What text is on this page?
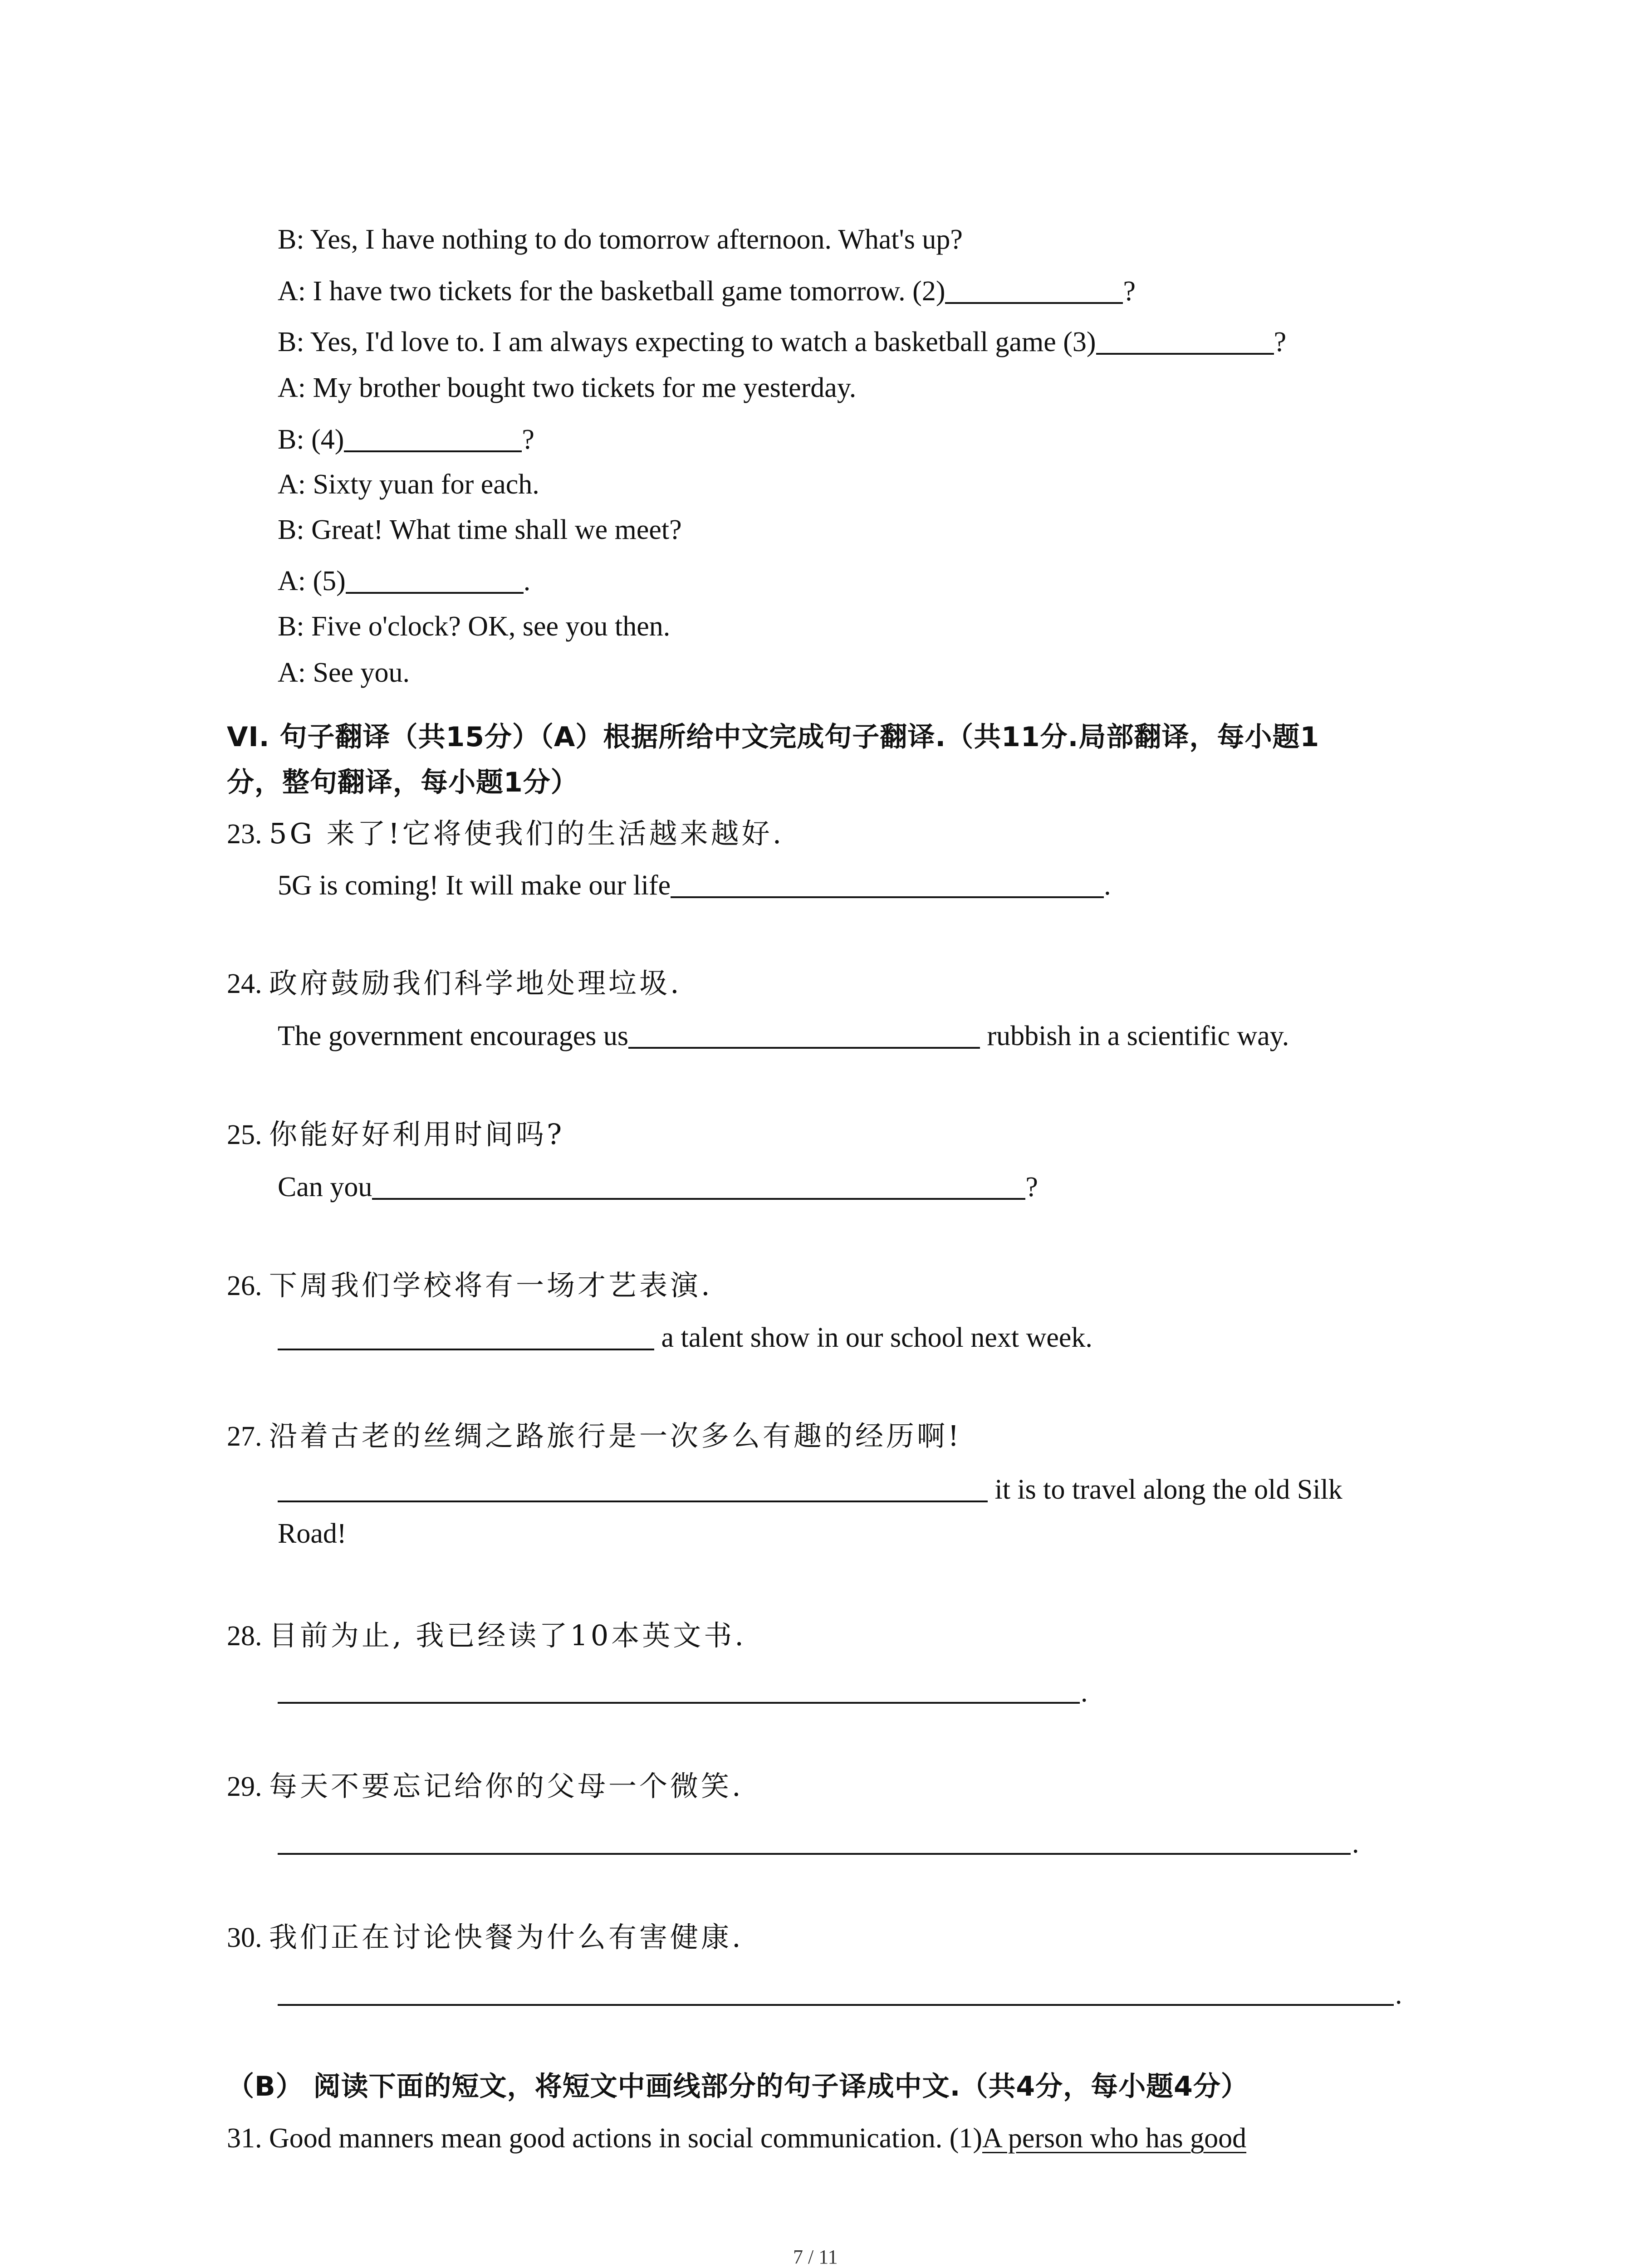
B: Yes, I have nothing to do tomorrow afternoon. What's up?
A: I have two tickets for the basketball game tomorrow. (2)	?
B: Yes, I'd love to. I am always expecting to watch a basketball game (3)	?
A: My brother bought two tickets for me yesterday.
B: (4)	?
A: Sixty yuan for each.
B: Great! What time shall we meet?
A: (5)	.
B: Five o'clock? OK, see you then.
A: See you.
VI. 句子翻译（共15分）（A）根据所给中文完成句子翻译.（共11分.局部翻译，每小题1
分，整句翻译，每小题1分）
23. 5G 来了!它将使我们的生活越来越好.
5G is coming! It will make our life	.
24. 政府鼓励我们科学地处理垃圾.
The government encourages us	rubbish in a scientific way.
25. 你能好好利用时间吗?
Can you	?
26. 下周我们学校将有一场才艺表演.
a talent show in our school next week.
27. 沿着古老的丝绸之路旅行是一次多么有趣的经历啊!
it is to travel along the old Silk
Road!
28. 目前为止, 我已经读了10本英文书.
.
29. 每天不要忘记给你的父母一个微笑.
.
30. 我们正在讨论快餐为什么有害健康.
.
（B） 阅读下面的短文，将短文中画线部分的句子译成中文.（共4分，每小题4分）
31. Good manners mean good actions in social communication. (1)A person who has good
7 / 11
